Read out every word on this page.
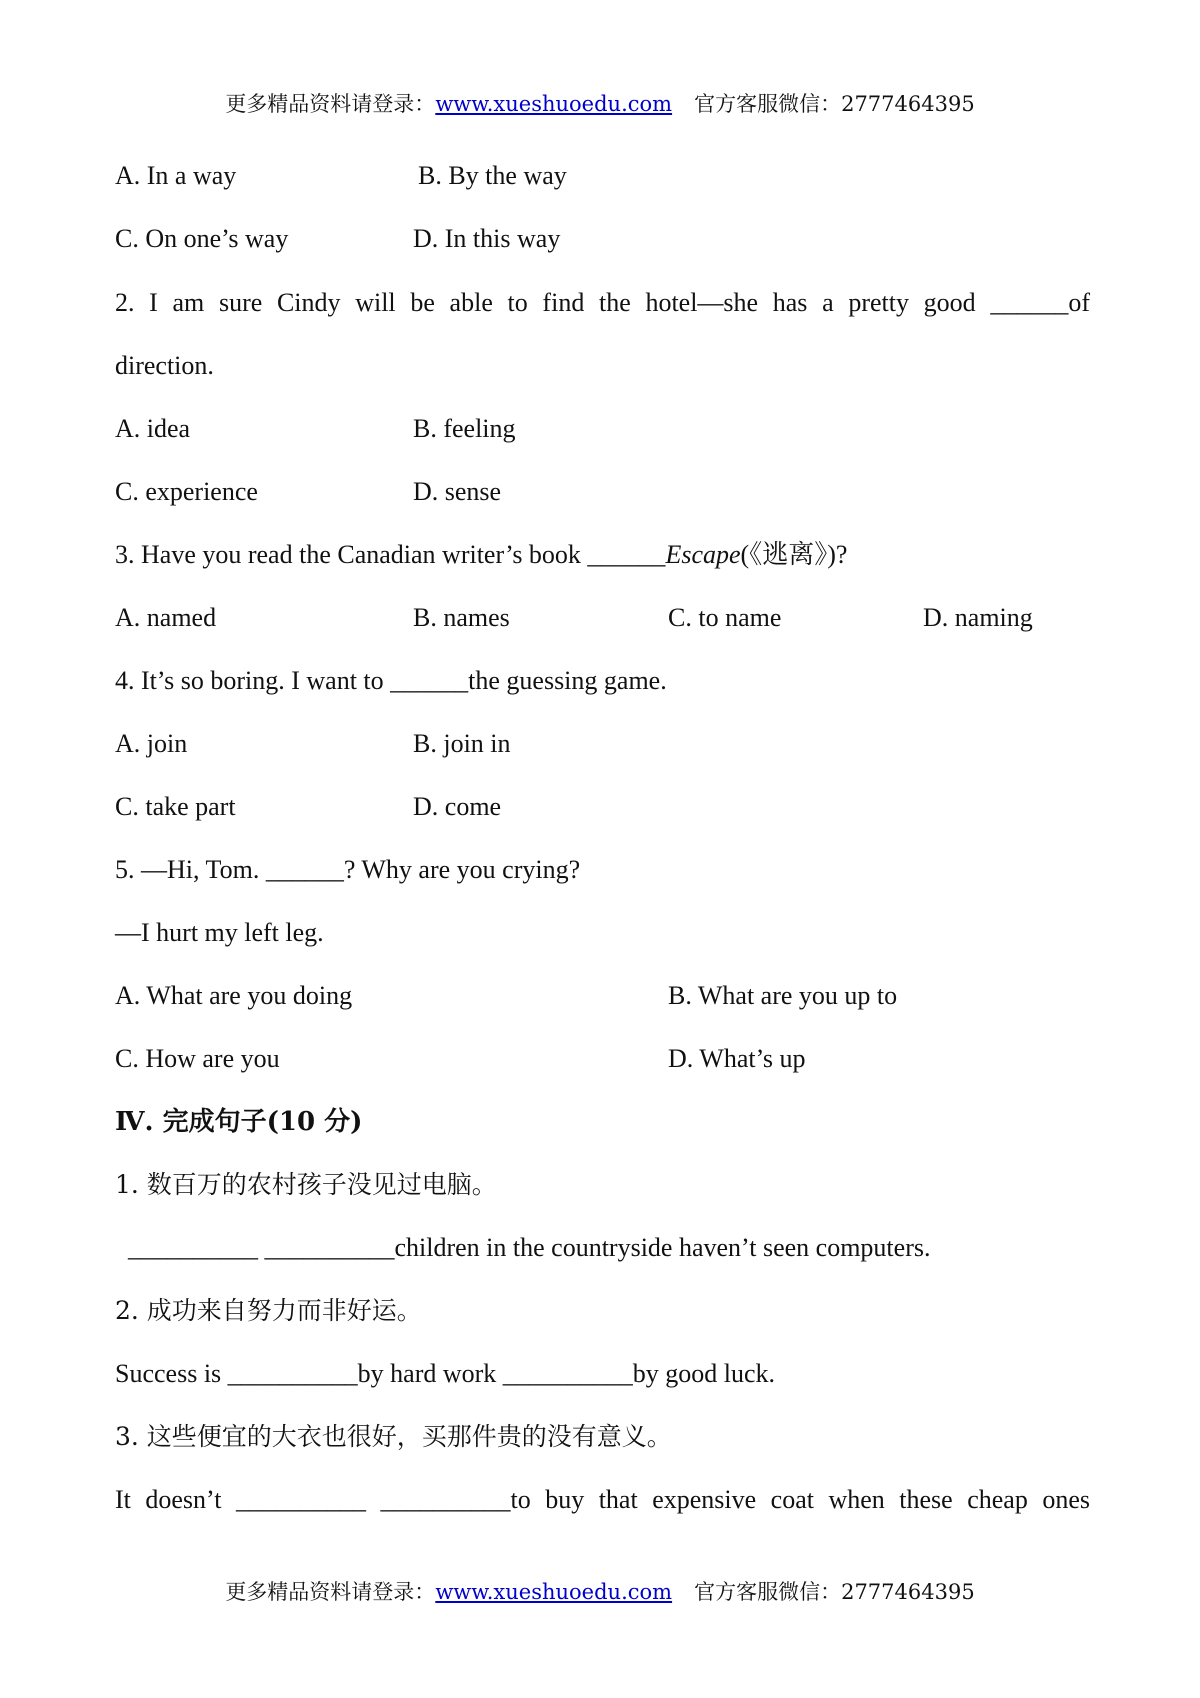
更多精品资料请登录：www.xueshuoedu.com 官方客服微信：2777464395
A. In a way	B. By the way
C. On one’s way	D. In this way
2. I am sure Cindy will be able to find the hotel—she has a pretty good ______of
direction.
A. idea	B. feeling
C. experience	D. sense
3. Have you read the Canadian writer’s book ______Escape(《逃离》)?
A. named	B. names	C. to name	D. naming
4. It’s so boring. I want to ______the guessing game.
A. join	B. join in
C. take part	D. come
5. —Hi, Tom. ______? Why are you crying?
—I hurt my left leg.
A. What are you doing	B. What are you up to
C. How are you	D. What’s up
Ⅳ. 完成句子(10 分)
1. 数百万的农村孩子没见过电脑。
__________ __________children in the countryside haven’t seen computers.
2. 成功来自努力而非好运。
Success is __________by hard work __________by good luck.
3. 这些便宜的大衣也很好，买那件贵的没有意义。
It doesn’t __________ __________to buy that expensive coat when these cheap ones
更多精品资料请登录：www.xueshuoedu.com 官方客服微信：2777464395
